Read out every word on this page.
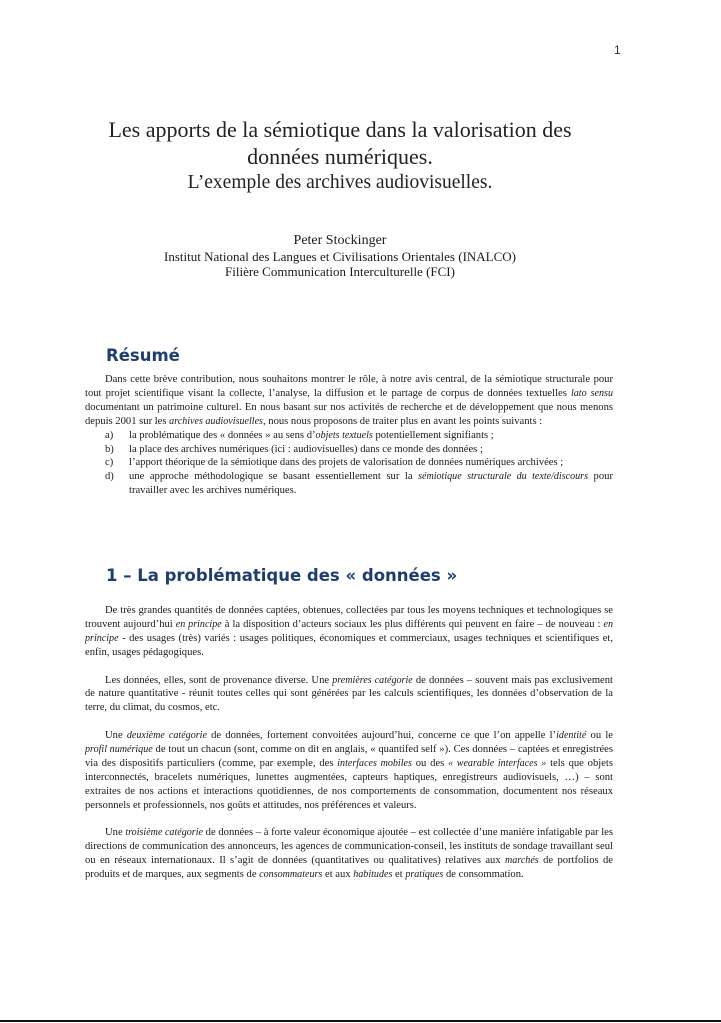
1
Les apports de la sémiotique dans la valorisation des
données numériques.
L’exemple des archives audiovisuelles.
Peter Stockinger
Institut National des Langues et Civilisations Orientales (INALCO)
Filière Communication Interculturelle (FCI)
Résumé

Dans cette brève contribution, nous souhaitons montrer le rôle, à notre avis central, de la sémiotique structurale pour tout projet scientifique visant la collecte, l’analyse, la diffusion et le partage de corpus de données textuelles lato sensu documentant un patrimoine culturel. En nous basant sur nos activités de recherche et de développement que nous menons depuis 2001 sur les archives audiovisuelles, nous nous proposons de traiter plus en avant les points suivants :

a) la problématique des « données » au sens d’objets textuels potentiellement signifiants ;
b) la place des archives numériques (ici : audiovisuelles) dans ce monde des données ;
c) l’apport théorique de la sémiotique dans des projets de valorisation de données numériques archivées ;
d) une approche méthodologique se basant essentiellement sur la sémiotique structurale du texte/discours pour travailler avec les archives numériques.
1 – La problématique des « données »

De très grandes quantités de données captées, obtenues, collectées par tous les moyens techniques et technologiques se trouvent aujourd’hui en principe à la disposition d’acteurs sociaux les plus différents qui peuvent en faire – de nouveau : en principe - des usages (très) variés : usages politiques, économiques et commerciaux, usages techniques et scientifiques et, enfin, usages pédagogiques.

Les données, elles, sont de provenance diverse. Une premières catégorie de données – souvent mais pas exclusivement de nature quantitative - réunit toutes celles qui sont générées par les calculs scientifiques, les données d’observation de la terre, du climat, du cosmos, etc.

Une deuxième catégorie de données, fortement convoitées aujourd’hui, concerne ce que l’on appelle l’identité ou le profil numérique de tout un chacun (sont, comme on dit en anglais, « quantifed self »). Ces données – captées et enregistrées via des dispositifs particuliers (comme, par exemple, des interfaces mobiles ou des « wearable interfaces » tels que objets interconnectés, bracelets numériques, lunettes augmentées, capteurs haptiques, enregistreurs audiovisuels, …) – sont extraites de nos actions et interactions quotidiennes, de nos comportements de consommation, documentent nos réseaux personnels et professionnels, nos goûts et attitudes, nos préférences et valeurs.

Une troisième catégorie de données – à forte valeur économique ajoutée – est collectée d’une manière infatigable par les directions de communication des annonceurs, les agences de communication-conseil, les instituts de sondage travaillant seul ou en réseaux internationaux. Il s’agit de données (quantitatives ou qualitatives) relatives aux marchés de portfolios de produits et de marques, aux segments de consommateurs et aux habitudes et pratiques de consommation.
